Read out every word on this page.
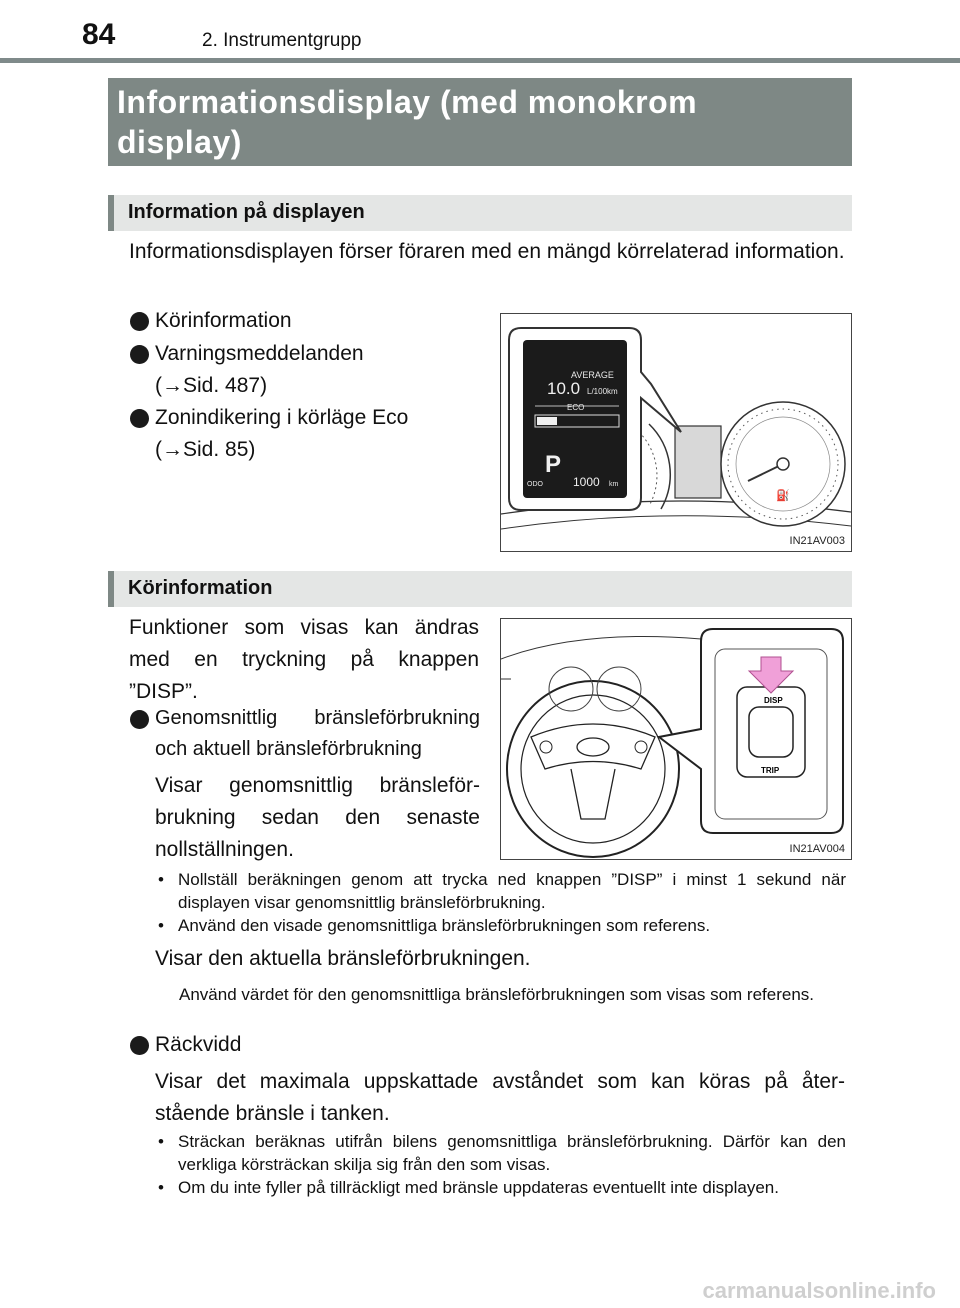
84	2. Instrumentgrupp
Informationsdisplay (med monokrom
display)
Information på displayen
Informationsdisplayen förser föraren med en mängd körrelaterad information.
Körinformation
Varningsmeddelanden
(→Sid. 487)
Zonindikering i körläge Eco
(→Sid. 85)
⛽
AVERAGE
10.0 L/100km
ECO
P
ODO	1000 km
IN21AV003
Körinformation
Funktioner som visas kan ändras med en tryckning på knappen ”DISP”.
Genomsnittlig bränsleförbrukning och aktuell bränsleförbrukning
Visar genomsnittlig bränsleför-brukning sedan den senaste nollställningen.
DISP
TRIP
IN21AV004
• Nollställ beräkningen genom att trycka ned knappen ”DISP” i minst 1 sekund när displayen visar genomsnittlig bränsleförbrukning.
• Använd den visade genomsnittliga bränsleförbrukningen som referens.
Visar den aktuella bränsleförbrukningen.
Använd värdet för den genomsnittliga bränsleförbrukningen som visas som referens.
Räckvidd
Visar det maximala uppskattade avståndet som kan köras på åter-stående bränsle i tanken.
• Sträckan beräknas utifrån bilens genomsnittliga bränsleförbrukning. Därför kan den verkliga körsträckan skilja sig från den som visas.
• Om du inte fyller på tillräckligt med bränsle uppdateras eventuellt inte displayen.
carmanualsonline.info
